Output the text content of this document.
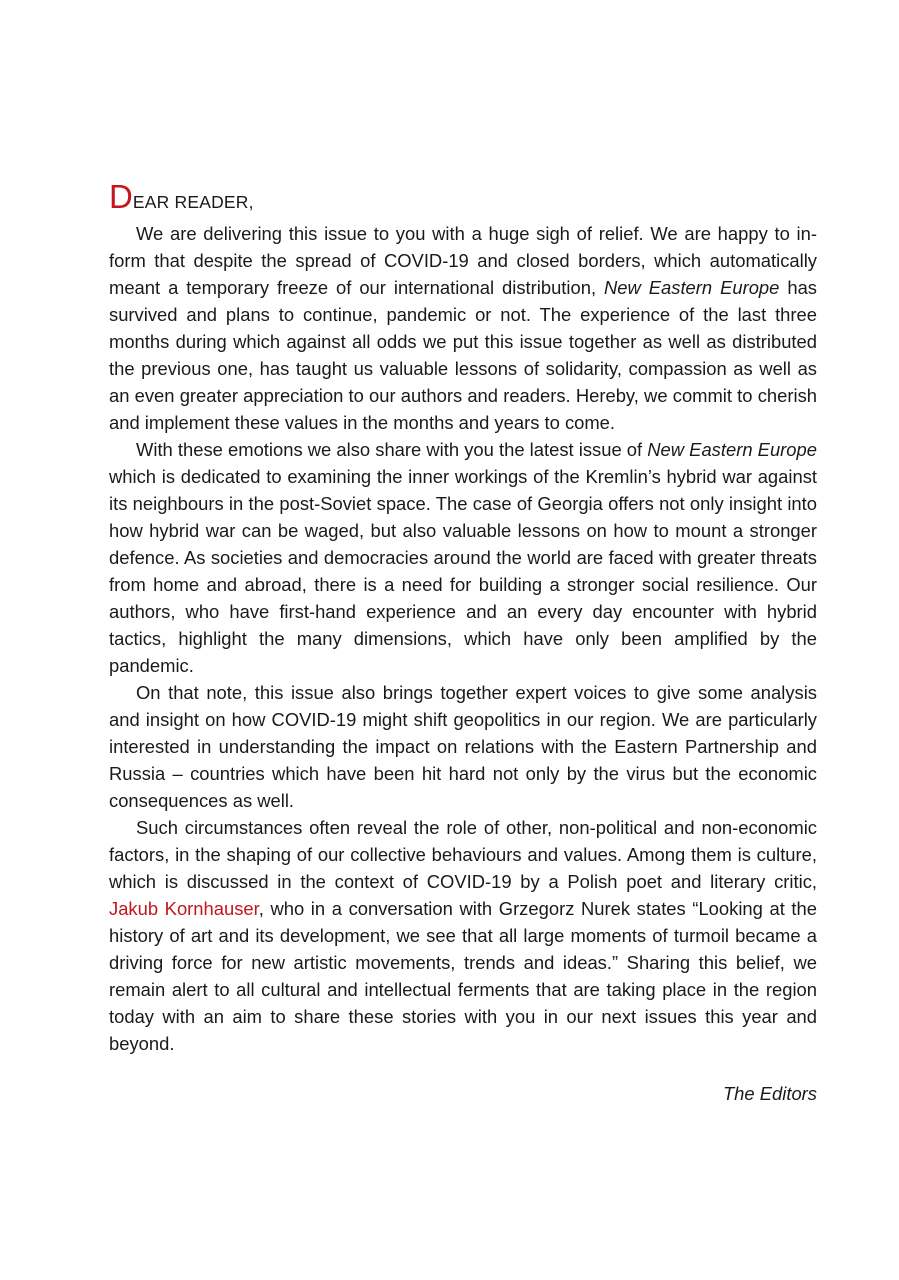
DEAR READER,

We are delivering this issue to you with a huge sigh of relief. We are happy to inform that despite the spread of COVID-19 and closed borders, which automatically meant a temporary freeze of our international distribution, New Eastern Europe has survived and plans to continue, pandemic or not. The experience of the last three months during which against all odds we put this issue together as well as distributed the previous one, has taught us valuable lessons of solidarity, compassion as well as an even greater appreciation to our authors and readers. Hereby, we commit to cherish and implement these values in the months and years to come.

With these emotions we also share with you the latest issue of New Eastern Europe which is dedicated to examining the inner workings of the Kremlin’s hybrid war against its neighbours in the post-Soviet space. The case of Georgia offers not only insight into how hybrid war can be waged, but also valuable lessons on how to mount a stronger defence. As societies and democracies around the world are faced with greater threats from home and abroad, there is a need for building a stronger social resilience. Our authors, who have first-hand experience and an every day encounter with hybrid tactics, highlight the many dimensions, which have only been amplified by the pandemic.

On that note, this issue also brings together expert voices to give some analysis and insight on how COVID-19 might shift geopolitics in our region. We are particularly interested in understanding the impact on relations with the Eastern Partnership and Russia – countries which have been hit hard not only by the virus but the economic consequences as well.

Such circumstances often reveal the role of other, non-political and non-economic factors, in the shaping of our collective behaviours and values. Among them is culture, which is discussed in the context of COVID-19 by a Polish poet and literary critic, Jakub Kornhauser, who in a conversation with Grzegorz Nurek states “Looking at the history of art and its development, we see that all large moments of turmoil became a driving force for new artistic movements, trends and ideas.” Sharing this belief, we remain alert to all cultural and intellectual ferments that are taking place in the region today with an aim to share these stories with you in our next issues this year and beyond.

The Editors
